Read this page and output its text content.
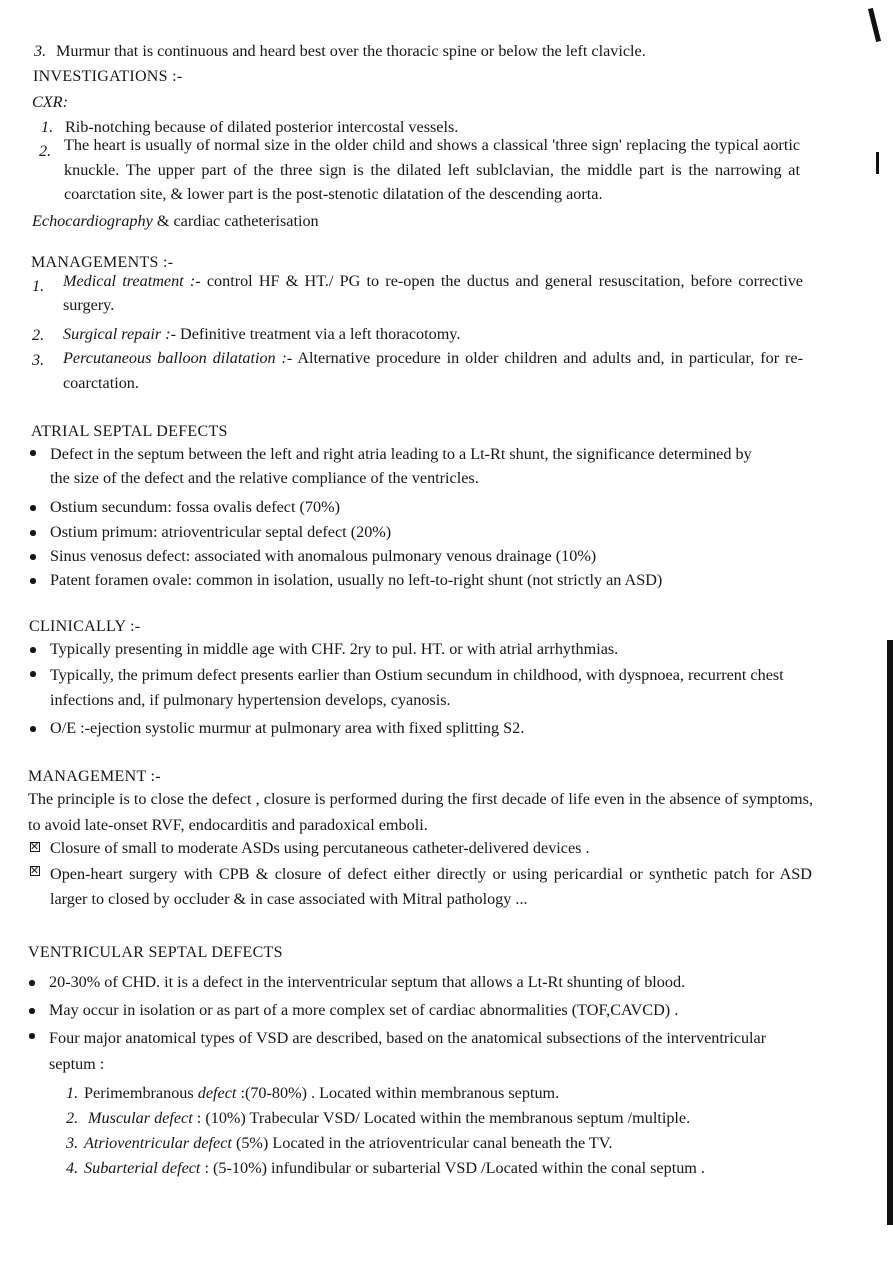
3. Murmur that is continuous and heard best over the thoracic spine or below the left clavicle.
INVESTIGATIONS :-
CXR:
1. Rib-notching because of dilated posterior intercostal vessels.
2. The heart is usually of normal size in the older child and shows a classical 'three sign' replacing the typical aortic knuckle. The upper part of the three sign is the dilated left sublclavian, the middle part is the narrowing at coarctation site, & lower part is the post-stenotic dilatation of the descending aorta.
Echocardiography & cardiac catheterisation
MANAGEMENTS :-
1. Medical treatment :- control HF & HT./ PG to re-open the ductus and general resuscitation, before corrective surgery.
2. Surgical repair :- Definitive treatment via a left thoracotomy.
3. Percutaneous balloon dilatation :- Alternative procedure in older children and adults and, in particular, for re-coarctation.
ATRIAL SEPTAL DEFECTS
Defect in the septum between the left and right atria leading to a Lt-Rt shunt, the significance determined by the size of the defect and the relative compliance of the ventricles.
Ostium secundum: fossa ovalis defect (70%)
Ostium primum: atrioventricular septal defect (20%)
Sinus venosus defect: associated with anomalous pulmonary venous drainage (10%)
Patent foramen ovale: common in isolation, usually no left-to-right shunt (not strictly an ASD)
CLINICALLY :-
Typically presenting in middle age with CHF. 2ry to pul. HT. or with atrial arrhythmias.
Typically, the primum defect presents earlier than Ostium secundum in childhood, with dyspnoea, recurrent chest infections and, if pulmonary hypertension develops, cyanosis.
O/E :-ejection systolic murmur at pulmonary area with fixed splitting S2.
MANAGEMENT :-
The principle is to close the defect , closure is performed during the first decade of life even in the absence of symptoms, to avoid late-onset RVF, endocarditis and paradoxical emboli.
Closure of small to moderate ASDs using percutaneous catheter-delivered devices .
Open-heart surgery with CPB & closure of defect either directly or using pericardial or synthetic patch for ASD larger to closed by occluder & in case associated with Mitral pathology ...
VENTRICULAR SEPTAL DEFECTS
20-30% of CHD. it is a defect in the interventricular septum that allows a Lt-Rt shunting of blood.
May occur in isolation or as part of a more complex set of cardiac abnormalities (TOF,CAVCD) .
Four major anatomical types of VSD are described, based on the anatomical subsections of the interventricular septum :
1. Perimembranous defect :(70-80%) . Located within membranous septum.
2. Muscular defect : (10%) Trabecular VSD/ Located within the membranous septum /multiple.
3. Atrioventricular defect (5%) Located in the atrioventricular canal beneath the TV.
4. Subarterial defect : (5-10%) infundibular or subarterial VSD /Located within the conal septum .
